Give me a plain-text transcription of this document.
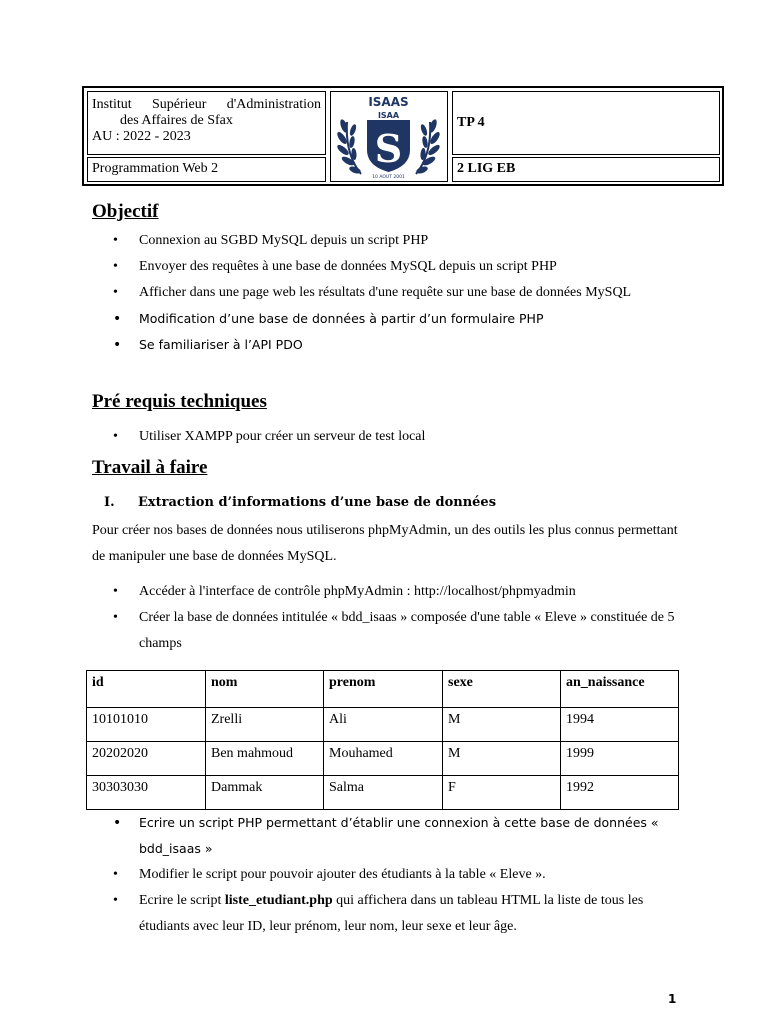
Institut Supérieur d'Administration
des Affaires de Sfax
AU : 2022 - 2023
Programmation Web 2
ISAAS
S
ISAA
10 AOUT 2001
TP 4
2 LIG EB
Objectif
• Connexion au SGBD MySQL depuis un script PHP
• Envoyer des requêtes à une base de données MySQL depuis un script PHP
• Afficher dans une page web les résultats d'une requête sur une base de données MySQL
• Modification d’une base de données à partir d’un formulaire PHP
• Se familiariser à l’API PDO
Pré requis techniques
• Utiliser XAMPP pour créer un serveur de test local
Travail à faire
I. Extraction d’informations d’une base de données
Pour créer nos bases de données nous utiliserons phpMyAdmin, un des outils les plus connus permettant de manipuler une base de données MySQL.
• Accéder à l'interface de contrôle phpMyAdmin : http://localhost/phpmyadmin
• Créer la base de données intitulée « bdd_isaas » composée d'une table « Eleve » constituée de 5 champs
id	nom	prenom	sexe	an_naissance
10101010	Zrelli	Ali	M	1994
20202020	Ben mahmoud	Mouhamed	M	1999
30303030	Dammak	Salma	F	1992
• Ecrire un script PHP permettant d’établir une connexion à cette base de données « bdd_isaas »
• Modifier le script pour pouvoir ajouter des étudiants à la table « Eleve ».
• Ecrire le script liste_etudiant.php qui affichera dans un tableau HTML la liste de tous les étudiants avec leur ID, leur prénom, leur nom, leur sexe et leur âge.
1
